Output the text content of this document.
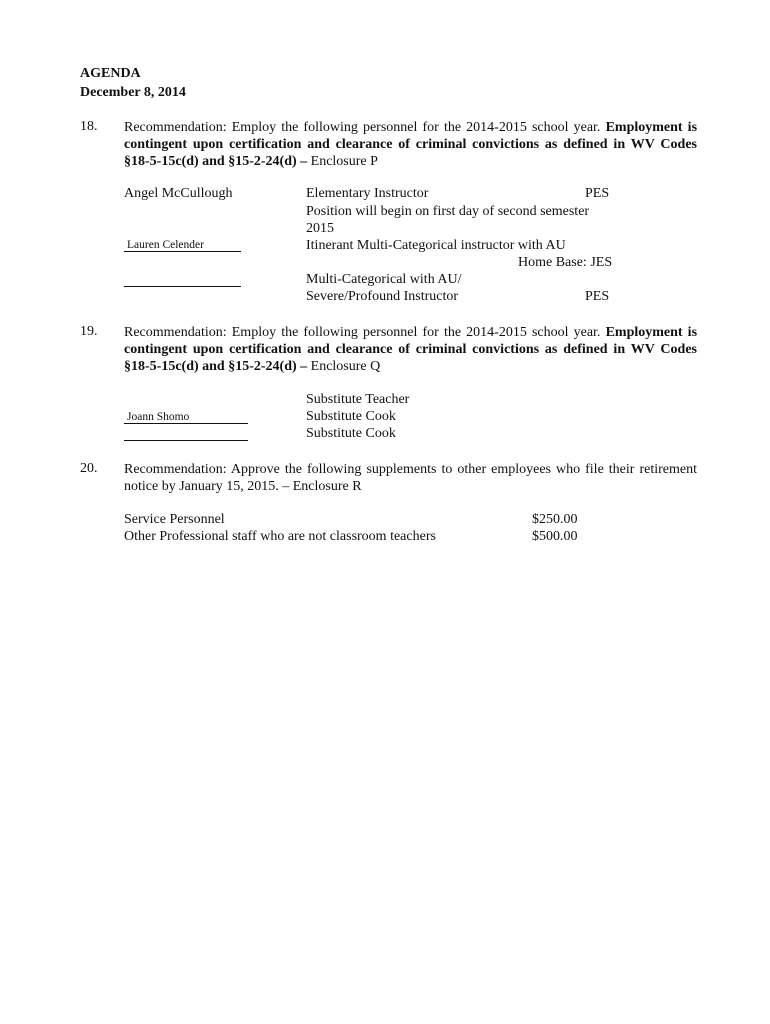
AGENDA
December 8, 2014
18. Recommendation: Employ the following personnel for the 2014-2015 school year. Employment is contingent upon certification and clearance of criminal convictions as defined in WV Codes §18-5-15c(d) and §15-2-24(d) – Enclosure P
Angel McCullough	Elementary Instructor	PES
Position will begin on first day of second semester
2015
Lauren Celender	Itinerant Multi-Categorical instructor with AU
Home Base: JES
Multi-Categorical with AU/
Severe/Profound Instructor	PES
19. Recommendation: Employ the following personnel for the 2014-2015 school year. Employment is contingent upon certification and clearance of criminal convictions as defined in WV Codes §18-5-15c(d) and §15-2-24(d) – Enclosure Q
Substitute Teacher
Joann Shomo	Substitute Cook
Substitute Cook
20. Recommendation: Approve the following supplements to other employees who file their retirement notice by January 15, 2015. – Enclosure R
Service Personnel	$250.00
Other Professional staff who are not classroom teachers	$500.00
